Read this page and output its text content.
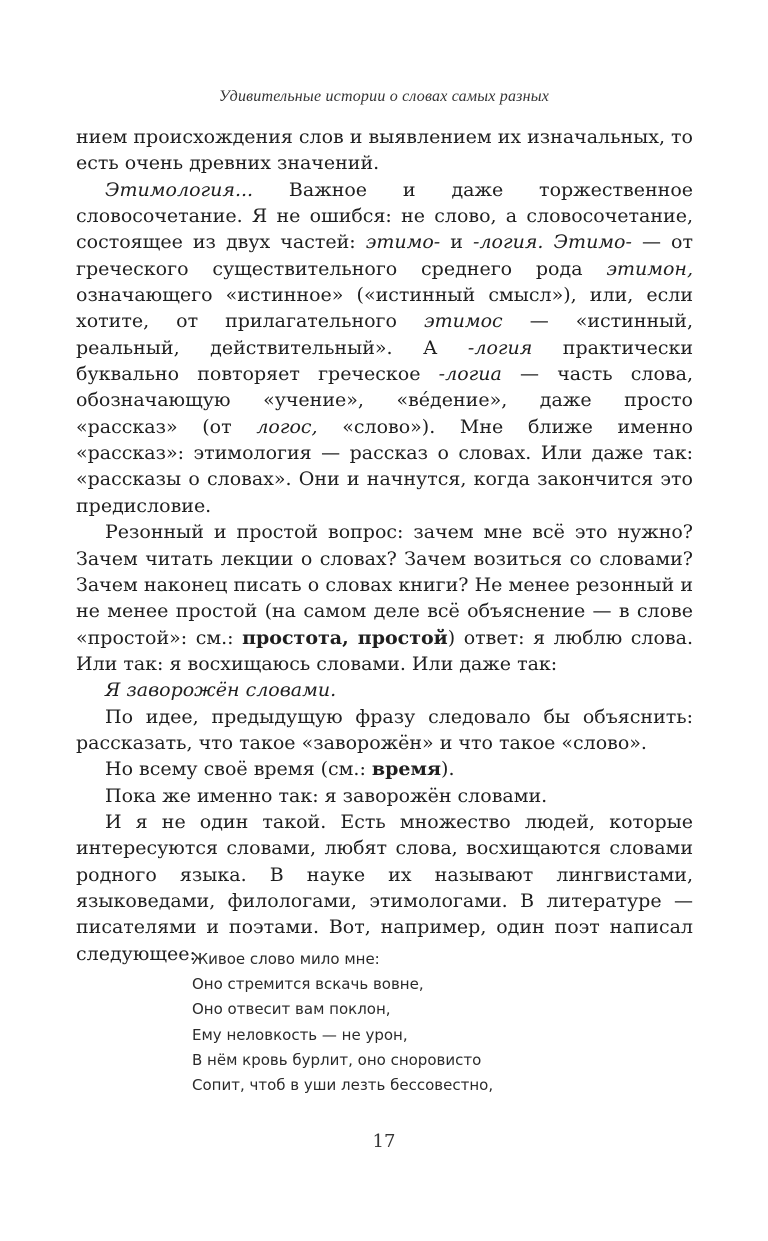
Удивительные истории о словах самых разных

нием происхождения слов и выявлением их изначальных, то есть очень древних значений.

Этимология... Важное и даже торжественное словосочетание. Я не ошибся: не слово, а словосочетание, состоящее из двух частей: этимо- и -логия. Этимо- — от греческого существительного среднего рода этимон, означающего «истинное» («истинный смысл»), или, если хотите, от прилагательного этимос — «истинный, реальный, действительный». А -логия практически буквально повторяет греческое -логиа — часть слова, обозначающую «учение», «ве́дение», даже просто «рассказ» (от логос, «слово»). Мне ближе именно «рассказ»: этимология — рассказ о словах. Или даже так: «рассказы о словах». Они и начнутся, когда закончится это предисловие.

Резонный и простой вопрос: зачем мне всё это нужно? Зачем читать лекции о словах? Зачем возиться со словами? Зачем наконец писать о словах книги? Не менее резонный и не менее простой (на самом деле всё объяснение — в слове «простой»: см.: простота, простой) ответ: я люблю слова. Или так: я восхищаюсь словами. Или даже так:

Я заворожён словами.

По идее, предыдущую фразу следовало бы объяснить: рассказать, что такое «заворожён» и что такое «слово».

Но всему своё время (см.: время).

Пока же именно так: я заворожён словами.

И я не один такой. Есть множество людей, которые интересуются словами, любят слова, восхищаются словами родного языка. В науке их называют лингвистами, языковедами, филологами, этимологами. В литературе — писателями и поэтами. Вот, например, один поэт написал следующее:

Живое слово мило мне:
Оно стремится вскачь вовне,
Оно отвесит вам поклон,
Ему неловкость — не урон,
В нём кровь бурлит, оно сноровисто
Сопит, чтоб в уши лезть бессовестно,
17
